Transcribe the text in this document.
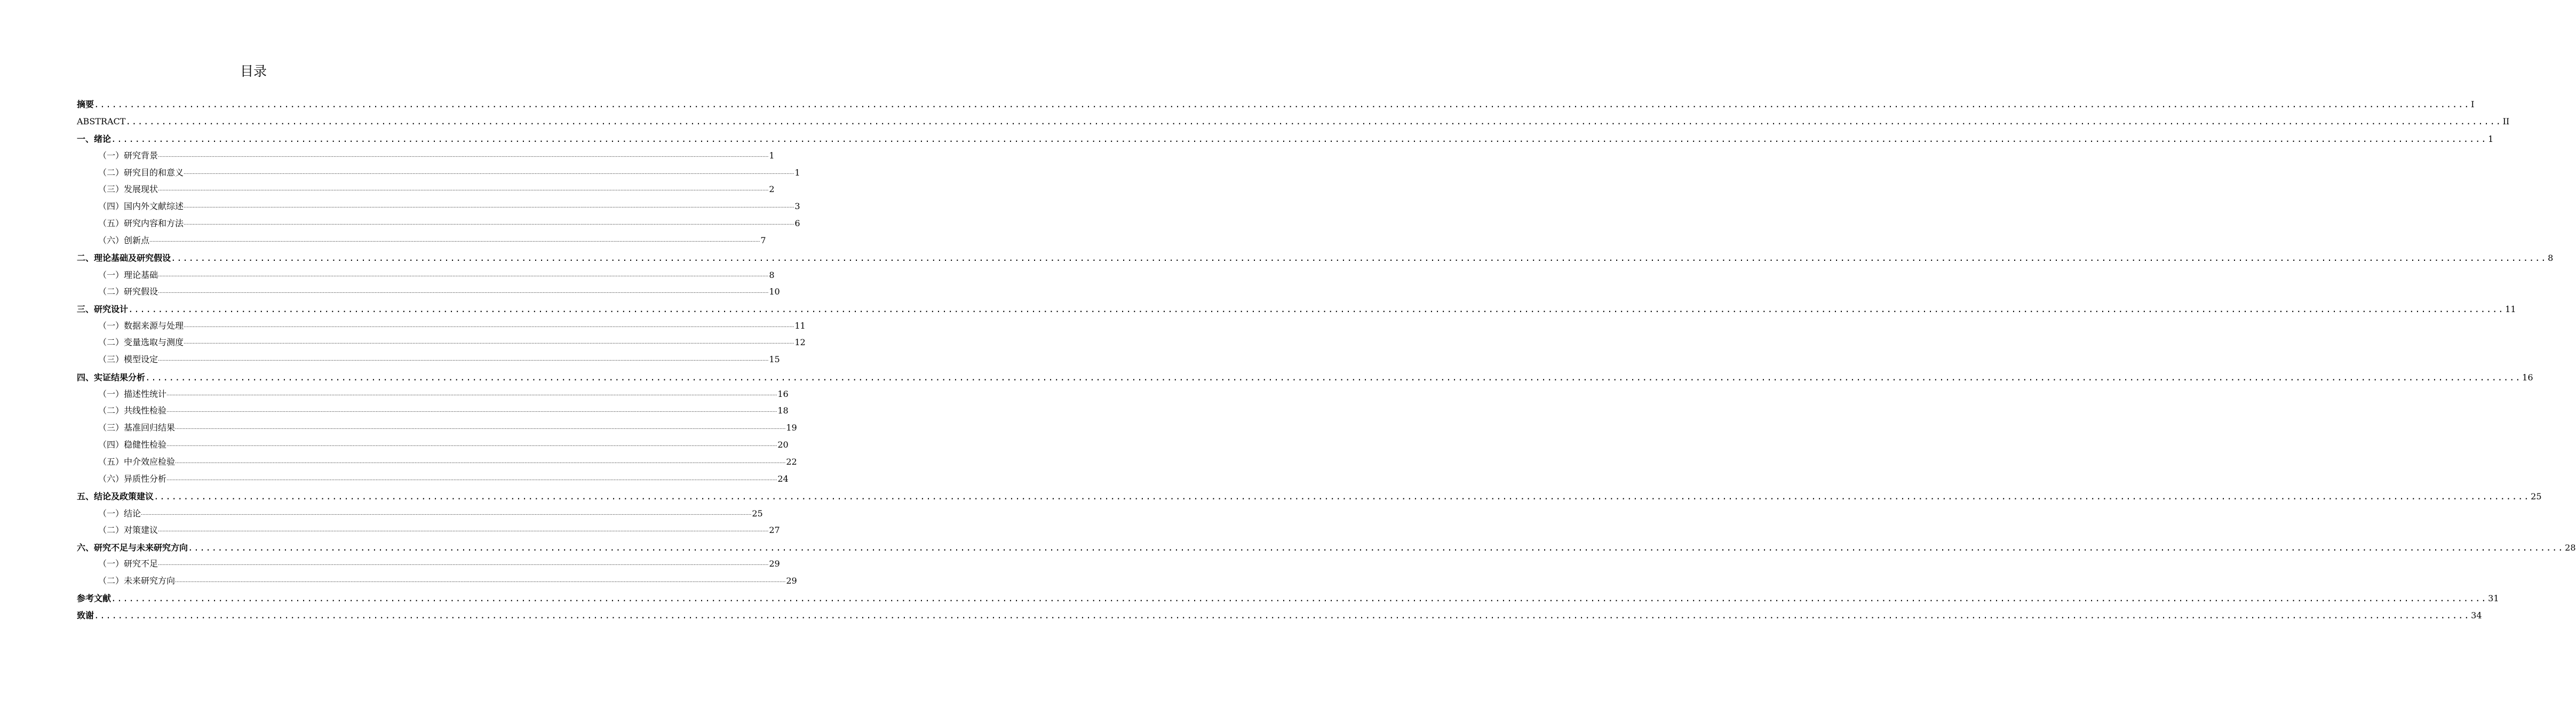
目录
摘要 ................................................................................................................................................................................................................................................................................................................................................................................................................ I
ABSTRACT ................................................................................................................................................................................................................................................................................................................................................................................................................ II
一、绪论 ................................................................................................................................................................................................................................................................................................................................................................................................................ 1
（一）研究背景 ................................................................................................................................................................................................................................................................................................................................................................................................................ 1
（二）研究目的和意义 ................................................................................................................................................................................................................................................................................................................................................................................................................ 1
（三）发展现状 ................................................................................................................................................................................................................................................................................................................................................................................................................ 2
（四）国内外文献综述 ................................................................................................................................................................................................................................................................................................................................................................................................................ 3
（五）研究内容和方法 ................................................................................................................................................................................................................................................................................................................................................................................................................ 6
（六）创新点 ................................................................................................................................................................................................................................................................................................................................................................................................................ 7
二、理论基础及研究假设 ................................................................................................................................................................................................................................................................................................................................................................................................................ 8
（一）理论基础 ................................................................................................................................................................................................................................................................................................................................................................................................................ 8
（二）研究假设 ................................................................................................................................................................................................................................................................................................................................................................................................................ 10
三、研究设计 ................................................................................................................................................................................................................................................................................................................................................................................................................ 11
（一）数据来源与处理 ................................................................................................................................................................................................................................................................................................................................................................................................................ 11
（二）变量选取与测度 ................................................................................................................................................................................................................................................................................................................................................................................................................ 12
（三）模型设定 ................................................................................................................................................................................................................................................................................................................................................................................................................ 15
四、实证结果分析 ................................................................................................................................................................................................................................................................................................................................................................................................................ 16
（一）描述性统计 ................................................................................................................................................................................................................................................................................................................................................................................................................ 16
（二）共线性检验 ................................................................................................................................................................................................................................................................................................................................................................................................................ 18
（三）基准回归结果 ................................................................................................................................................................................................................................................................................................................................................................................................................ 19
（四）稳健性检验 ................................................................................................................................................................................................................................................................................................................................................................................................................ 20
（五）中介效应检验 ................................................................................................................................................................................................................................................................................................................................................................................................................ 22
（六）异质性分析 ................................................................................................................................................................................................................................................................................................................................................................................................................ 24
五、结论及政策建议 ................................................................................................................................................................................................................................................................................................................................................................................................................ 25
（一）结论 ................................................................................................................................................................................................................................................................................................................................................................................................................ 25
（二）对策建议 ................................................................................................................................................................................................................................................................................................................................................................................................................ 27
六、研究不足与未来研究方向 ................................................................................................................................................................................................................................................................................................................................................................................................................ 28
（一）研究不足 ................................................................................................................................................................................................................................................................................................................................................................................................................ 29
（二）未来研究方向 ................................................................................................................................................................................................................................................................................................................................................................................................................ 29
参考文献 ................................................................................................................................................................................................................................................................................................................................................................................................................ 31
致谢 ................................................................................................................................................................................................................................................................................................................................................................................................................ 34
